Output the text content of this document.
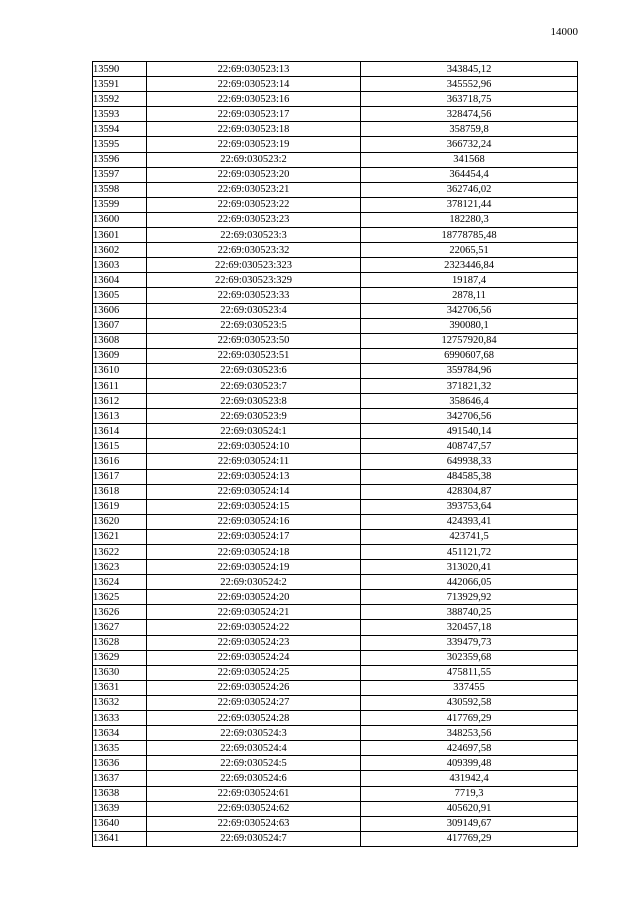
14000
13590	22:69:030523:13	343845,12
13591	22:69:030523:14	345552,96
13592	22:69:030523:16	363718,75
13593	22:69:030523:17	328474,56
13594	22:69:030523:18	358759,8
13595	22:69:030523:19	366732,24
13596	22:69:030523:2	341568
13597	22:69:030523:20	364454,4
13598	22:69:030523:21	362746,02
13599	22:69:030523:22	378121,44
13600	22:69:030523:23	182280,3
13601	22:69:030523:3	18778785,48
13602	22:69:030523:32	22065,51
13603	22:69:030523:323	2323446,84
13604	22:69:030523:329	19187,4
13605	22:69:030523:33	2878,11
13606	22:69:030523:4	342706,56
13607	22:69:030523:5	390080,1
13608	22:69:030523:50	12757920,84
13609	22:69:030523:51	6990607,68
13610	22:69:030523:6	359784,96
13611	22:69:030523:7	371821,32
13612	22:69:030523:8	358646,4
13613	22:69:030523:9	342706,56
13614	22:69:030524:1	491540,14
13615	22:69:030524:10	408747,57
13616	22:69:030524:11	649938,33
13617	22:69:030524:13	484585,38
13618	22:69:030524:14	428304,87
13619	22:69:030524:15	393753,64
13620	22:69:030524:16	424393,41
13621	22:69:030524:17	423741,5
13622	22:69:030524:18	451121,72
13623	22:69:030524:19	313020,41
13624	22:69:030524:2	442066,05
13625	22:69:030524:20	713929,92
13626	22:69:030524:21	388740,25
13627	22:69:030524:22	320457,18
13628	22:69:030524:23	339479,73
13629	22:69:030524:24	302359,68
13630	22:69:030524:25	475811,55
13631	22:69:030524:26	337455
13632	22:69:030524:27	430592,58
13633	22:69:030524:28	417769,29
13634	22:69:030524:3	348253,56
13635	22:69:030524:4	424697,58
13636	22:69:030524:5	409399,48
13637	22:69:030524:6	431942,4
13638	22:69:030524:61	7719,3
13639	22:69:030524:62	405620,91
13640	22:69:030524:63	309149,67
13641	22:69:030524:7	417769,29
